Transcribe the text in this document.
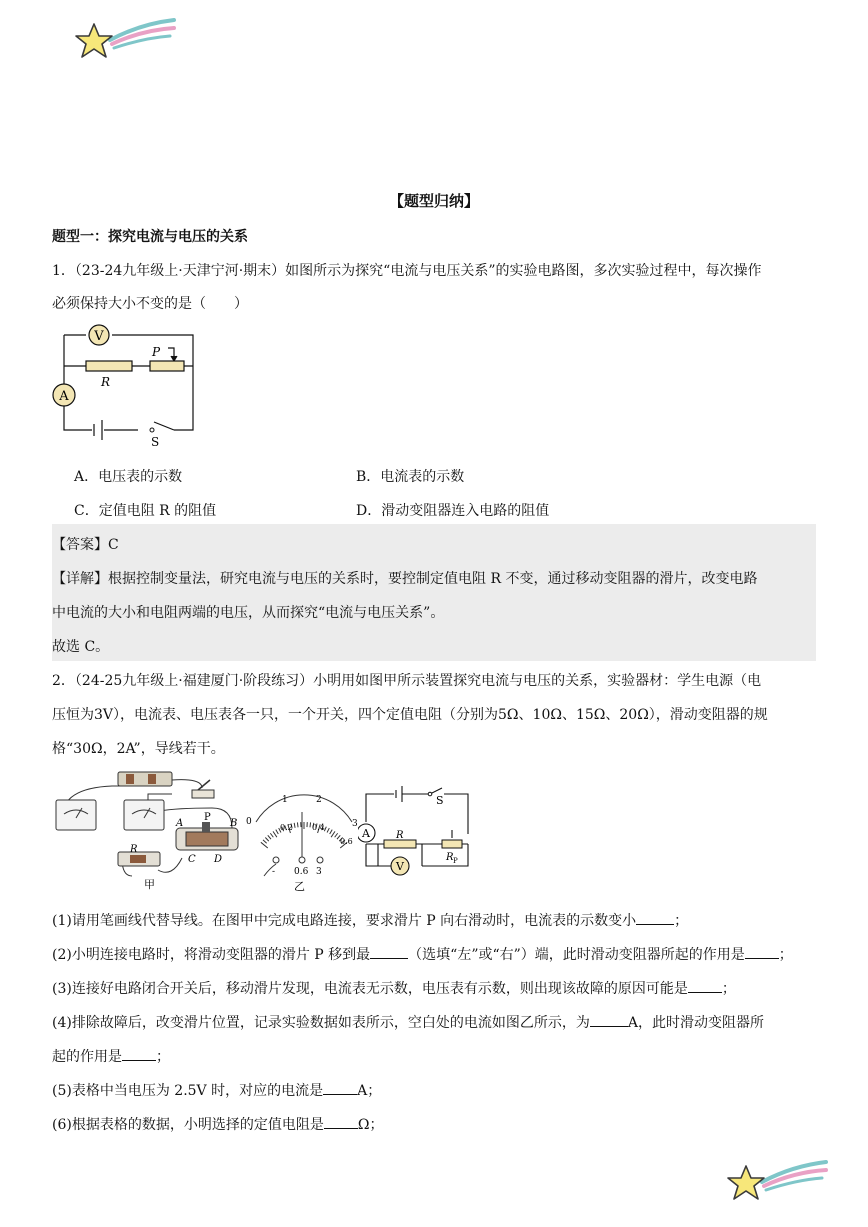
【题型归纳】
题型一：探究电流与电压的关系
1．（23-24九年级上·天津宁河·期末）如图所示为探究“电流与电压关系”的实验电路图，多次实验过程中，每次操作
必须保持大小不变的是（　　）
V
R
P
A
S
A．电压表的示数	B．电流表的示数
C．定值电阻 R 的阻值	D．滑动变阻器连入电路的阻值
【答案】C
【详解】根据控制变量法，研究电流与电压的关系时，要控制定值电阻 R 不变，通过移动变阻器的滑片，改变电路
中电流的大小和电阻两端的电压，从而探究“电流与电压关系”。
故选 C。
2．（24-25九年级上·福建厦门·阶段练习）小明用如图甲所示装置探究电流与电压的关系，实验器材：学生电源（电
压恒为3V），电流表、电压表各一只，一个开关，四个定值电阻（分别为5Ω、10Ω、15Ω、20Ω），滑动变阻器的规
格“30Ω，2A”，导线若干。
P
A	B
C D
R
甲
0
1	2
3
0.2 0.4
0.6
- 0.6 3
乙
S
A	R
R P
V
(1)请用笔画线代替导线。在图甲中完成电路连接，要求滑片 P 向右滑动时，电流表的示数变小	；
(2)小明连接电路时，将滑动变阻器的滑片 P 移到最	（选填“左”或“右”）端，此时滑动变阻器所起的作用是 ；
(3)连接好电路闭合开关后，移动滑片发现，电流表无示数，电压表有示数，则出现该故障的原因可能是 ；
(4)排除故障后，改变滑片位置，记录实验数据如表所示，空白处的电流如图乙所示，为	A，此时滑动变阻器所
起的作用是 ；
(5)表格中当电压为 2.5V 时，对应的电流是 A；
(6)根据表格的数据，小明选择的定值电阻是 Ω；
